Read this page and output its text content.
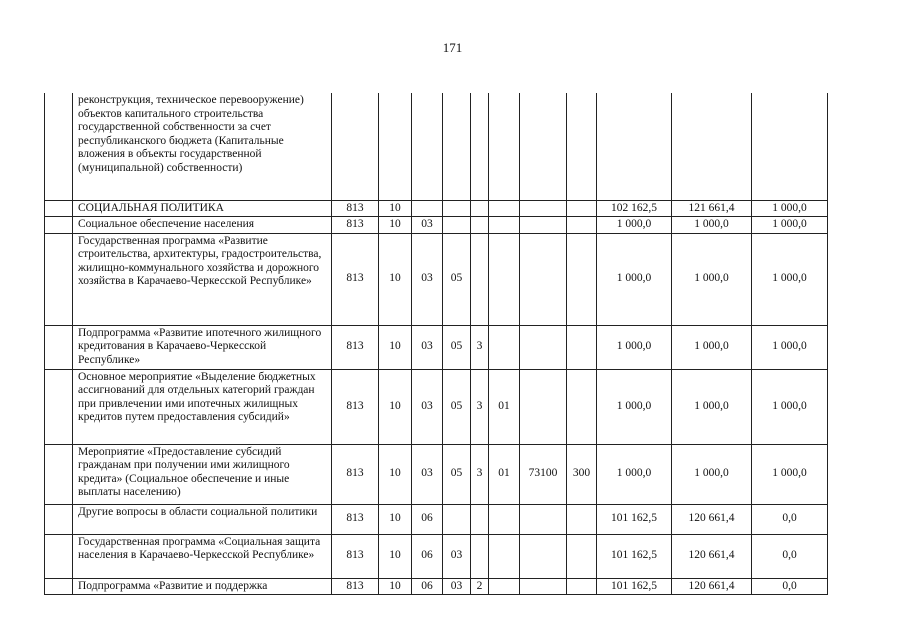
171
	реконструкция, техническое перевооружение) объектов капитального строительства государственной собственности за счет республиканского бюджета (Капитальные вложения в объекты государственной (муниципальной) собственности)											
	СОЦИАЛЬНАЯ ПОЛИТИКА	813	10							102 162,5	121 661,4	1 000,0
	Социальное обеспечение населения	813	10	03						1 000,0	1 000,0	1 000,0
	Государственная программа «Развитие строительства, архитектуры, градостроительства, жилищно-коммунального хозяйства и дорожного хозяйства в Карачаево-Черкесской Республике»	813	10	03	05					1 000,0	1 000,0	1 000,0
	Подпрограмма «Развитие ипотечного жилищного кредитования в Карачаево-Черкесской Республике»	813	10	03	05	3				1 000,0	1 000,0	1 000,0
	Основное мероприятие «Выделение бюджетных ассигнований для отдельных категорий граждан при привлечении ими ипотечных жилищных кредитов путем предоставления субсидий»	813	10	03	05	3	01			1 000,0	1 000,0	1 000,0
	Мероприятие «Предоставление субсидий гражданам при получении ими жилищного кредита» (Социальное обеспечение и иные выплаты населению)	813	10	03	05	3	01	73100	300	1 000,0	1 000,0	1 000,0
	Другие вопросы в области социальной политики	813	10	06						101 162,5	120 661,4	0,0
	Государственная программа «Социальная защита населения в Карачаево-Черкесской Республике»	813	10	06	03					101 162,5	120 661,4	0,0
	Подпрограмма «Развитие и поддержка	813	10	06	03	2				101 162,5	120 661,4	0,0
